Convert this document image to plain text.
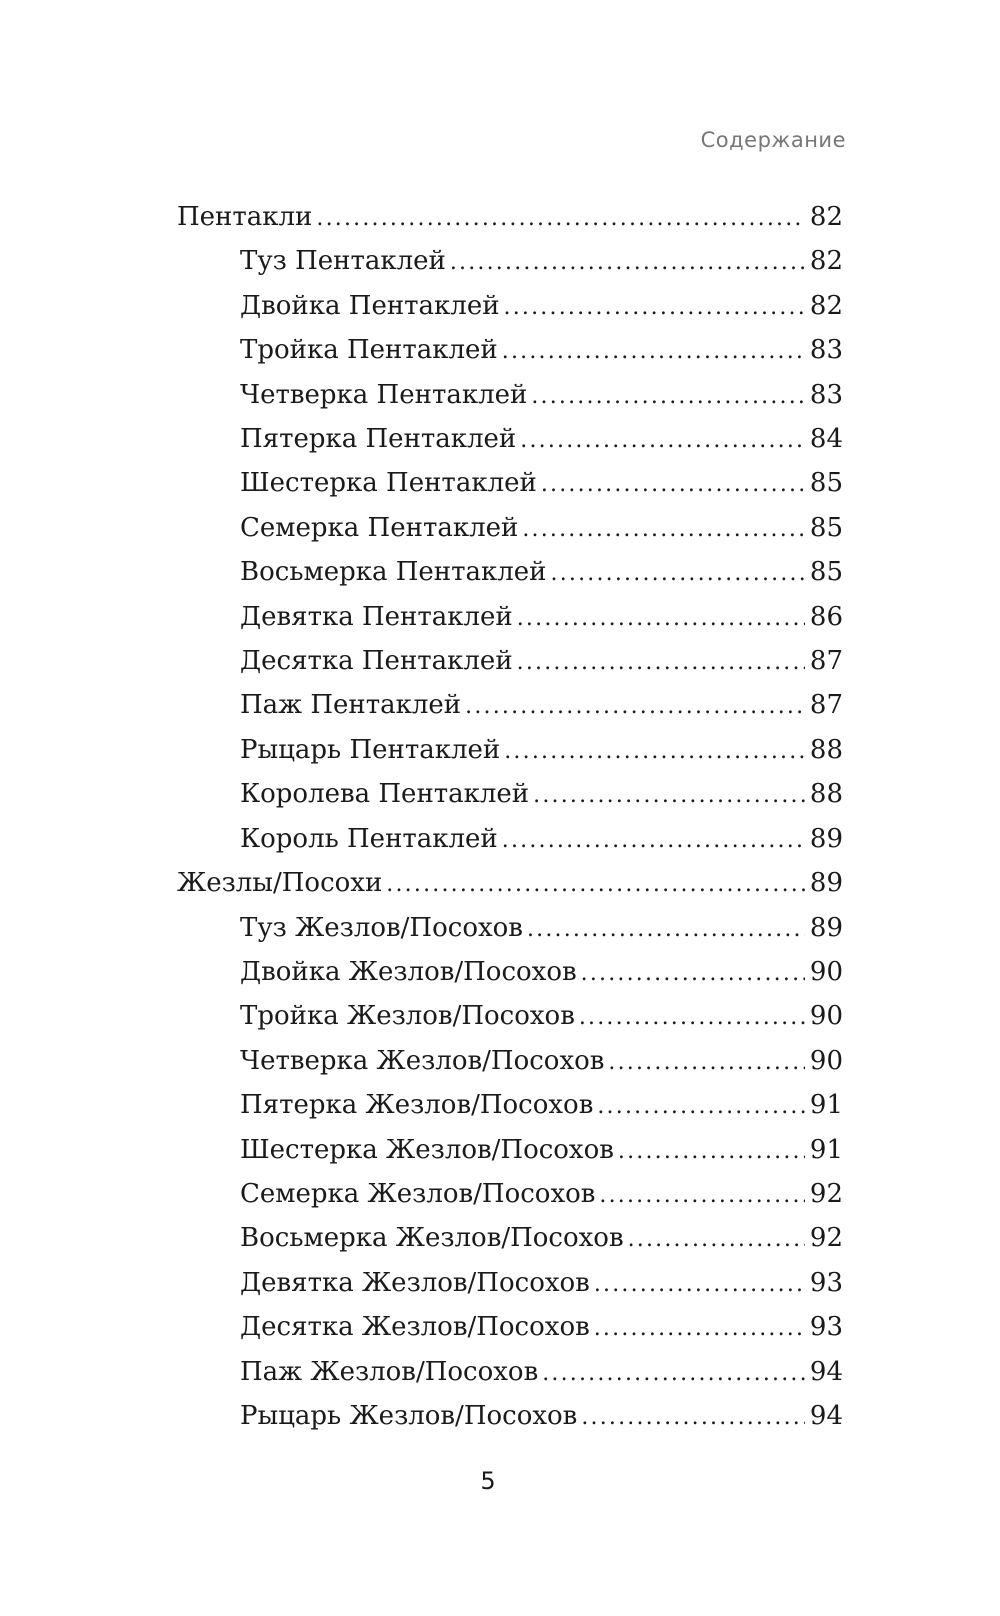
Содержание
Пентакли .....	82
Туз Пентаклей .....	82
Двойка Пентаклей .....	82
Тройка Пентаклей .....	83
Четверка Пентаклей .....	83
Пятерка Пентаклей .....	84
Шестерка Пентаклей .....	85
Семерка Пентаклей .....	85
Восьмерка Пентаклей .....	85
Девятка Пентаклей .....	86
Десятка Пентаклей .....	87
Паж Пентаклей .....	87
Рыцарь Пентаклей .....	88
Королева Пентаклей .....	88
Король Пентаклей .....	89
Жезлы/Посохи .....	89
Туз Жезлов/Посохов .....	89
Двойка Жезлов/Посохов .....	90
Тройка Жезлов/Посохов .....	90
Четверка Жезлов/Посохов .....	90
Пятерка Жезлов/Посохов .....	91
Шестерка Жезлов/Посохов .....	91
Семерка Жезлов/Посохов .....	92
Восьмерка Жезлов/Посохов .....	92
Девятка Жезлов/Посохов .....	93
Десятка Жезлов/Посохов .....	93
Паж Жезлов/Посохов .....	94
Рыцарь Жезлов/Посохов .....	94
5
